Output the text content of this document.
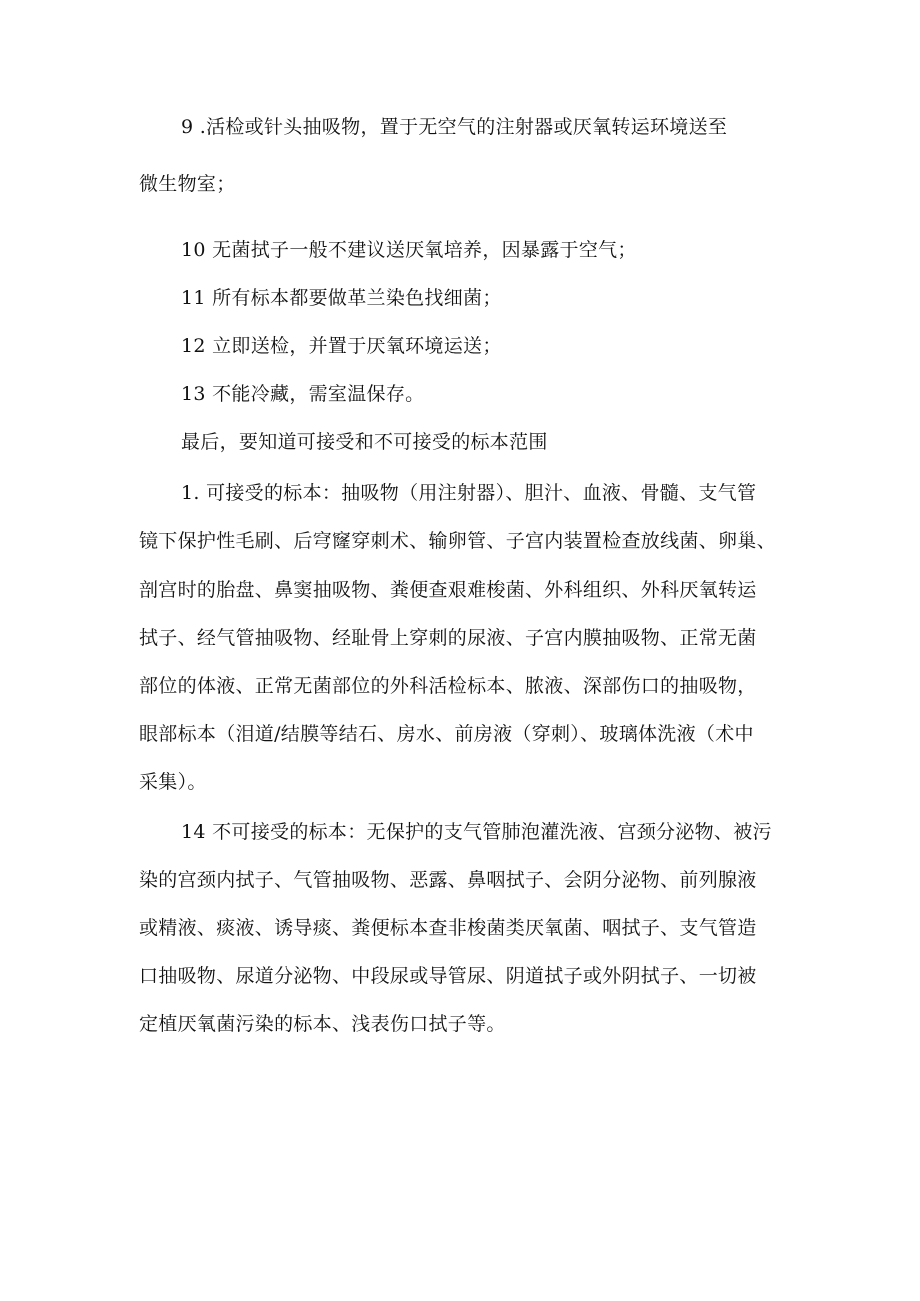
9 .活检或针头抽吸物，置于无空气的注射器或厌氧转运环境送至
微生物室；
10 无菌拭子一般不建议送厌氧培养，因暴露于空气；
11 所有标本都要做革兰染色找细菌；
12 立即送检，并置于厌氧环境运送；
13 不能冷藏，需室温保存。
最后，要知道可接受和不可接受的标本范围
1. 可接受的标本：抽吸物（用注射器）、胆汁、血液、骨髓、支气管
镜下保护性毛刷、后穹窿穿刺术、输卵管、子宫内装置检查放线菌、卵巢、
剖宫时的胎盘、鼻窦抽吸物、粪便查艰难梭菌、外科组织、外科厌氧转运
拭子、经气管抽吸物、经耻骨上穿刺的尿液、子宫内膜抽吸物、正常无菌
部位的体液、正常无菌部位的外科活检标本、脓液、深部伤口的抽吸物，
眼部标本（泪道/结膜等结石、房水、前房液（穿刺）、玻璃体洗液（术中
采集）。
14 不可接受的标本：无保护的支气管肺泡灌洗液、宫颈分泌物、被污
染的宫颈内拭子、气管抽吸物、恶露、鼻咽拭子、会阴分泌物、前列腺液
或精液、痰液、诱导痰、粪便标本查非梭菌类厌氧菌、咽拭子、支气管造
口抽吸物、尿道分泌物、中段尿或导管尿、阴道拭子或外阴拭子、一切被
定植厌氧菌污染的标本、浅表伤口拭子等。
